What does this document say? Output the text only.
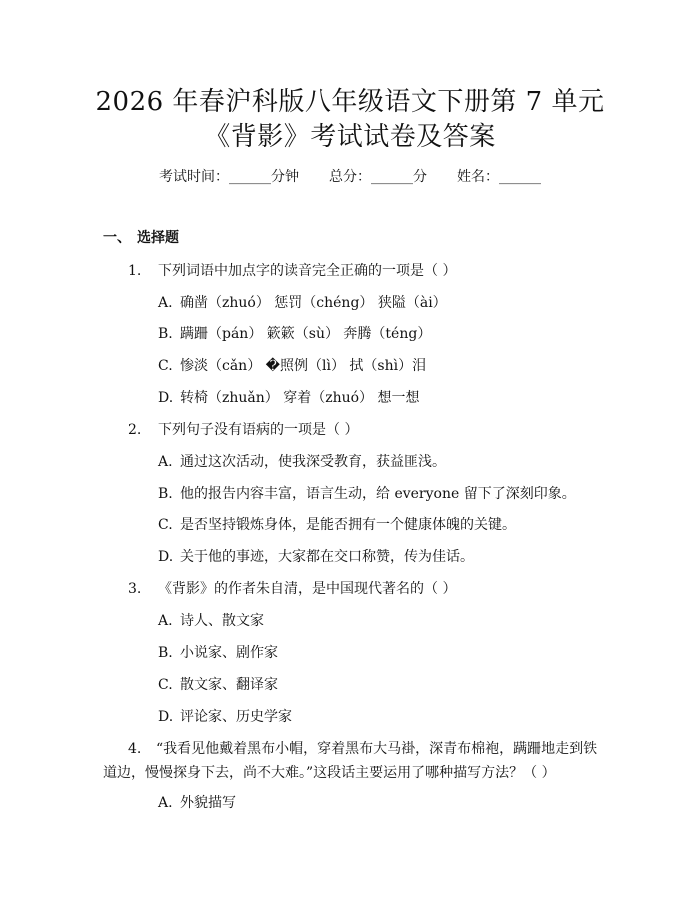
2026 年春沪科版八年级语文下册第 7 单元
《背影》考试试卷及答案
考试时间：______分钟 总分：______分 姓名：______
一、 选择题
1. 下列词语中加点字的读音完全正确的一项是（ ）
A. 确凿（zhuó） 惩罚（chéng） 狭隘（ài）
B. 蹒跚（pán） 簌簌（sù） 奔腾（téng）
C. 惨淡（cǎn） �照例（lì） 拭（shì）泪
D. 转椅（zhuǎn） 穿着（zhuó） 想一想
2. 下列句子没有语病的一项是（ ）
A. 通过这次活动，使我深受教育，获益匪浅。
B. 他的报告内容丰富，语言生动，给 everyone 留下了深刻印象。
C. 是否坚持锻炼身体，是能否拥有一个健康体魄的关键。
D. 关于他的事迹，大家都在交口称赞，传为佳话。
3. 《背影》的作者朱自清，是中国现代著名的（ ）
A. 诗人、散文家
B. 小说家、剧作家
C. 散文家、翻译家
D. 评论家、历史学家
4. “我看见他戴着黑布小帽，穿着黑布大马褂，深青布棉袍，蹒跚地走到铁
道边，慢慢探身下去，尚不大难。”这段话主要运用了哪种描写方法？（ ）
A. 外貌描写
